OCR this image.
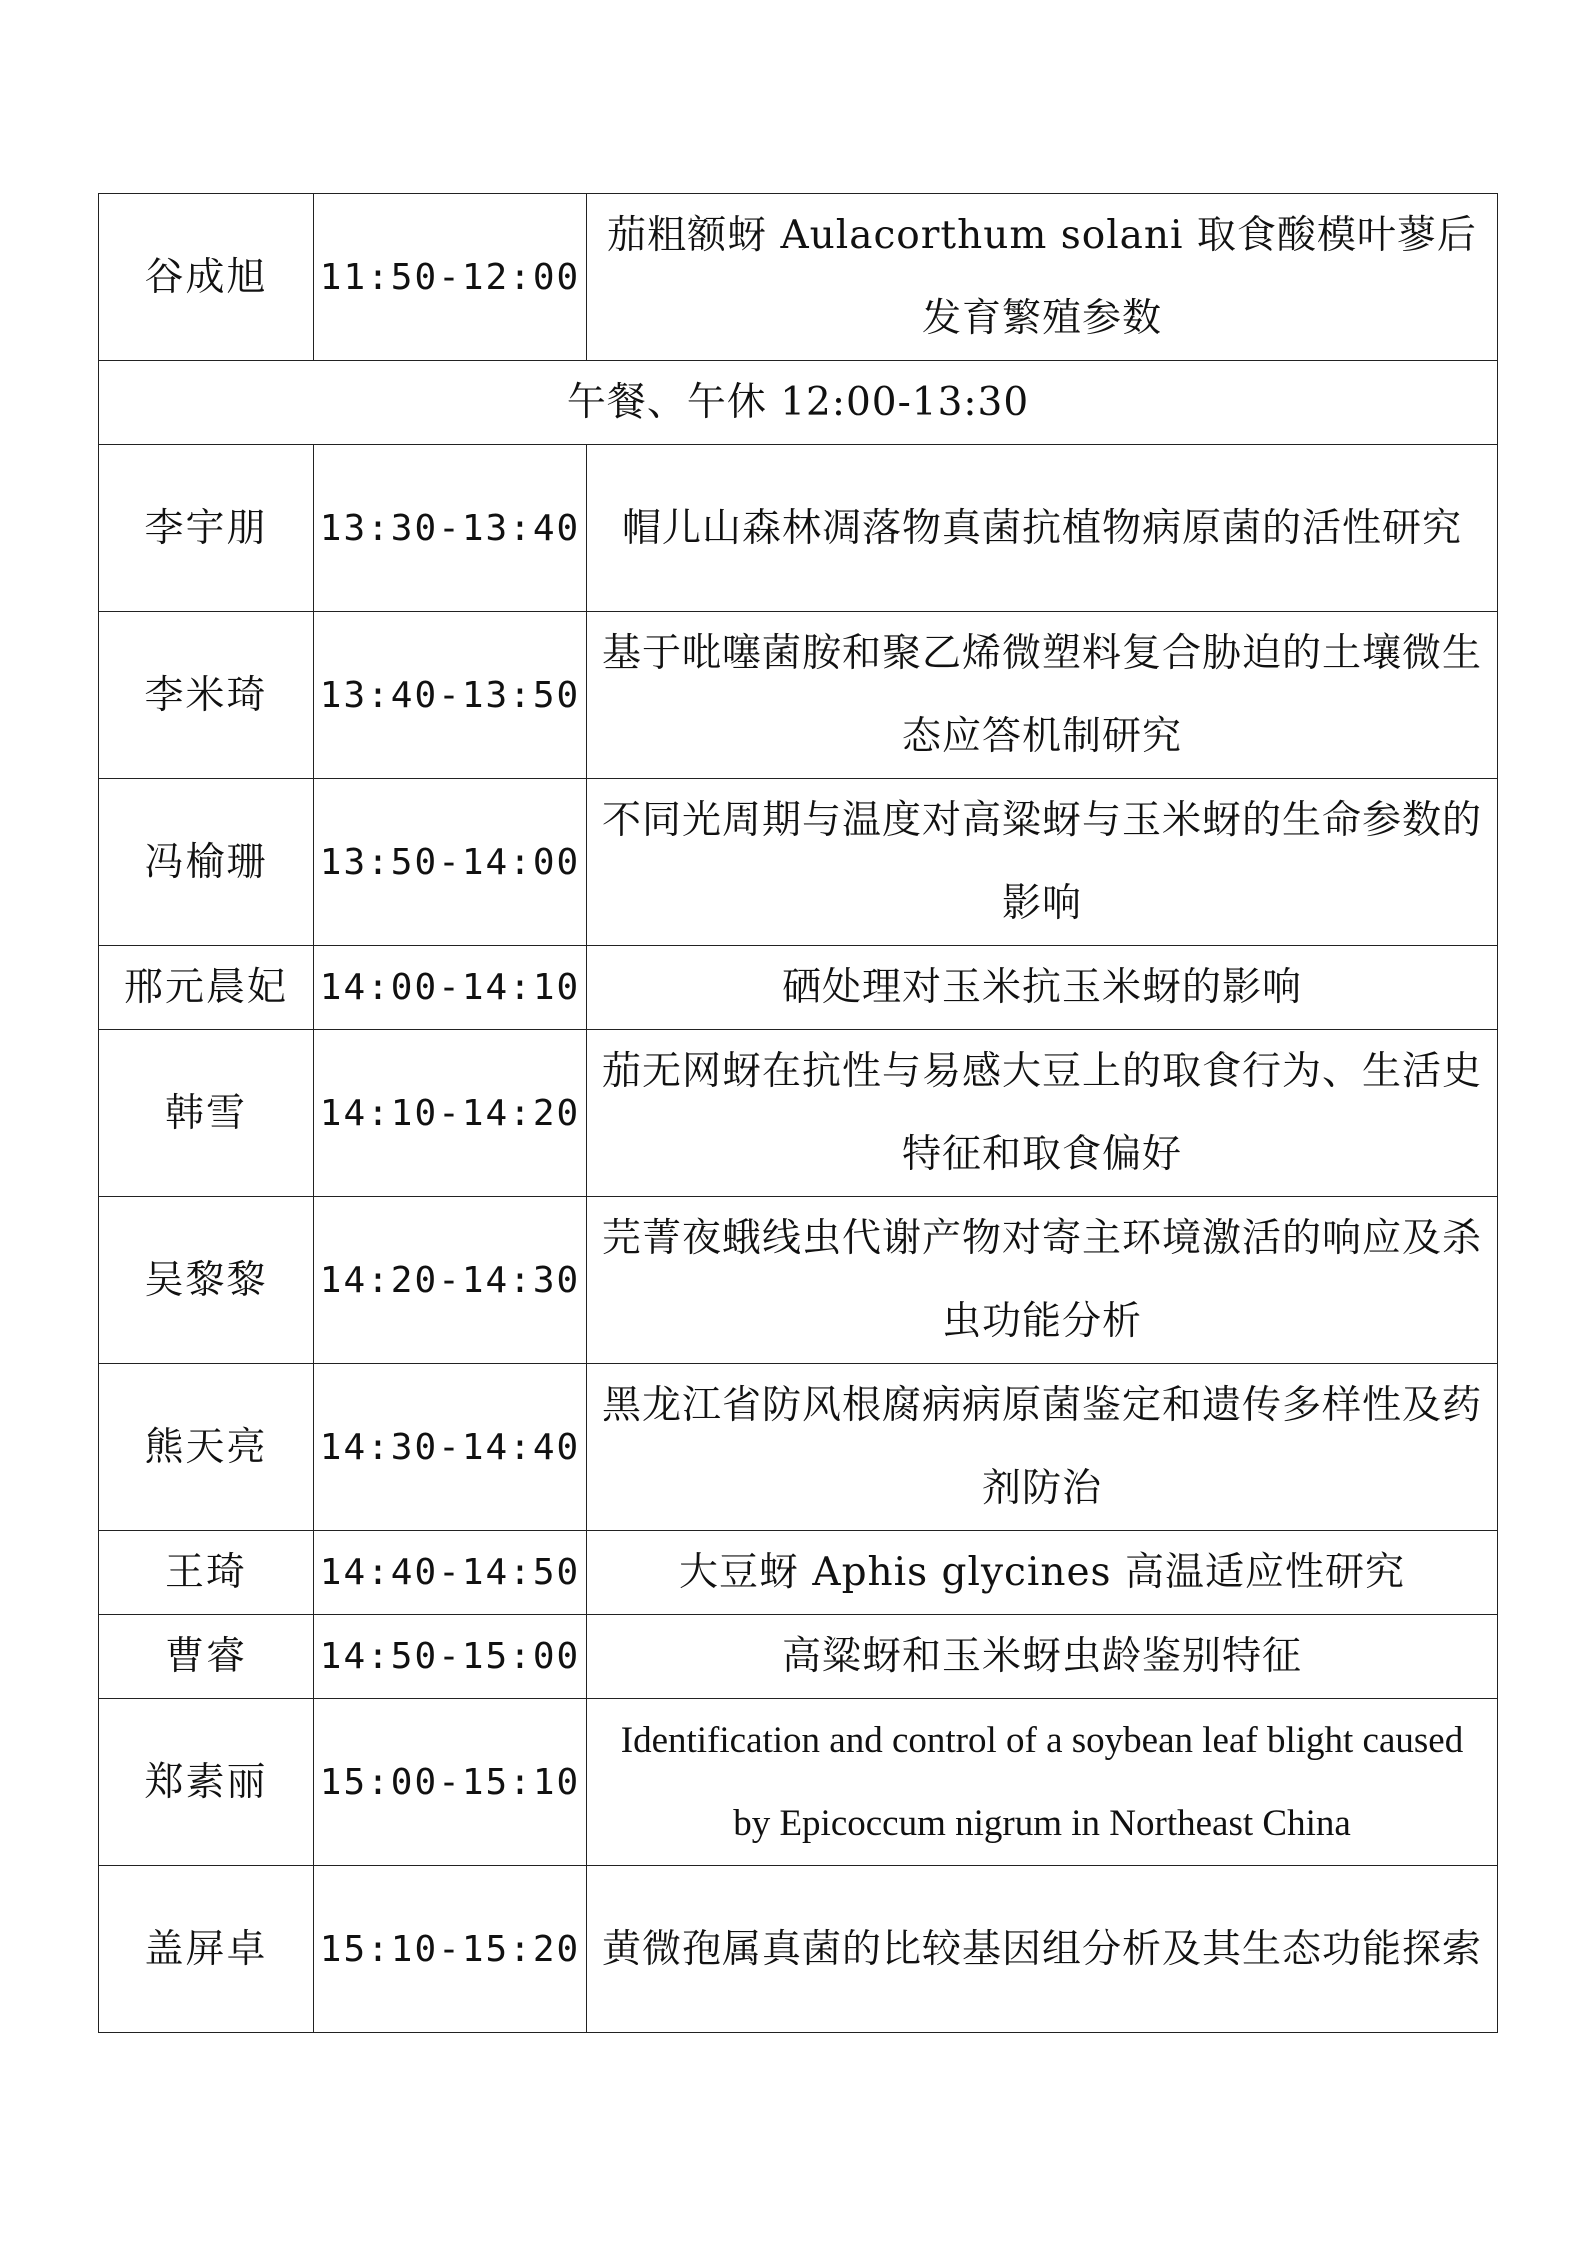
谷成旭	11:50-12:00	茄粗额蚜 Aulacorthum solani 取食酸模叶蓼后发育繁殖参数
午餐、午休 12:00-13:30		
李宇朋	13:30-13:40	帽儿山森林凋落物真菌抗植物病原菌的活性研究
李米琦	13:40-13:50	基于吡噻菌胺和聚乙烯微塑料复合胁迫的土壤微生态应答机制研究
冯榆珊	13:50-14:00	不同光周期与温度对高粱蚜与玉米蚜的生命参数的影响
邢元晨妃	14:00-14:10	硒处理对玉米抗玉米蚜的影响
韩雪	14:10-14:20	茄无网蚜在抗性与易感大豆上的取食行为、生活史特征和取食偏好
吴黎黎	14:20-14:30	芫菁夜蛾线虫代谢产物对寄主环境激活的响应及杀虫功能分析
熊天亮	14:30-14:40	黑龙江省防风根腐病病原菌鉴定和遗传多样性及药剂防治
王琦	14:40-14:50	大豆蚜 Aphis glycines 高温适应性研究
曹睿	14:50-15:00	高粱蚜和玉米蚜虫龄鉴别特征
郑素丽	15:00-15:10	Identification and control of a soybean leaf blight caused by Epicoccum nigrum in Northeast China
盖屏卓	15:10-15:20	黄微孢属真菌的比较基因组分析及其生态功能探索
